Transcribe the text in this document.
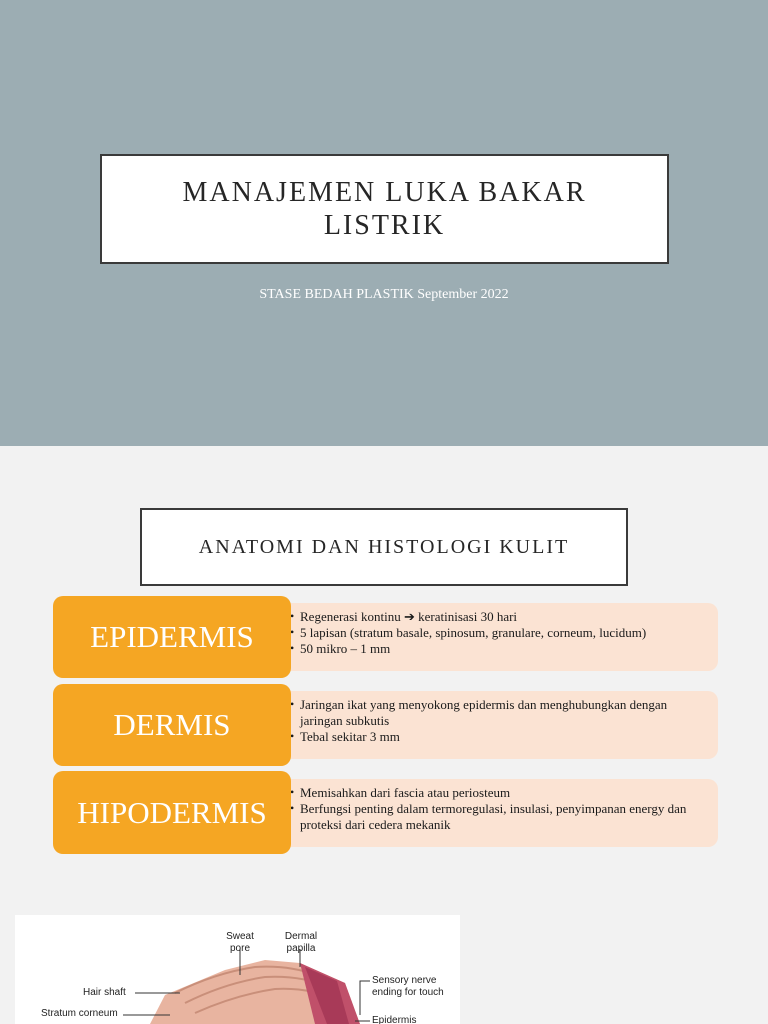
MANAJEMEN LUKA BAKAR
LISTRIK
STASE BEDAH PLASTIK September 2022
ANATOMI DAN HISTOLOGI KULIT
• Regenerasi kontinu ➔ keratinisasi 30 hari
• 5 lapisan (stratum basale, spinosum, granulare, corneum, lucidum)
• 50 mikro – 1 mm
EPIDERMIS
• Jaringan ikat yang menyokong epidermis dan menghubungkan dengan jaringan subkutis
• Tebal sekitar 3 mm
DERMIS
• Memisahkan dari fascia atau periosteum
• Berfungsi penting dalam termoregulasi, insulasi, penyimpanan energy dan proteksi dari cedera mekanik
HIPODERMIS
Sweat pore
Dermal papilla
Sensory nerve ending for touch
Hair shaft
Stratum corneum
Epidermis
